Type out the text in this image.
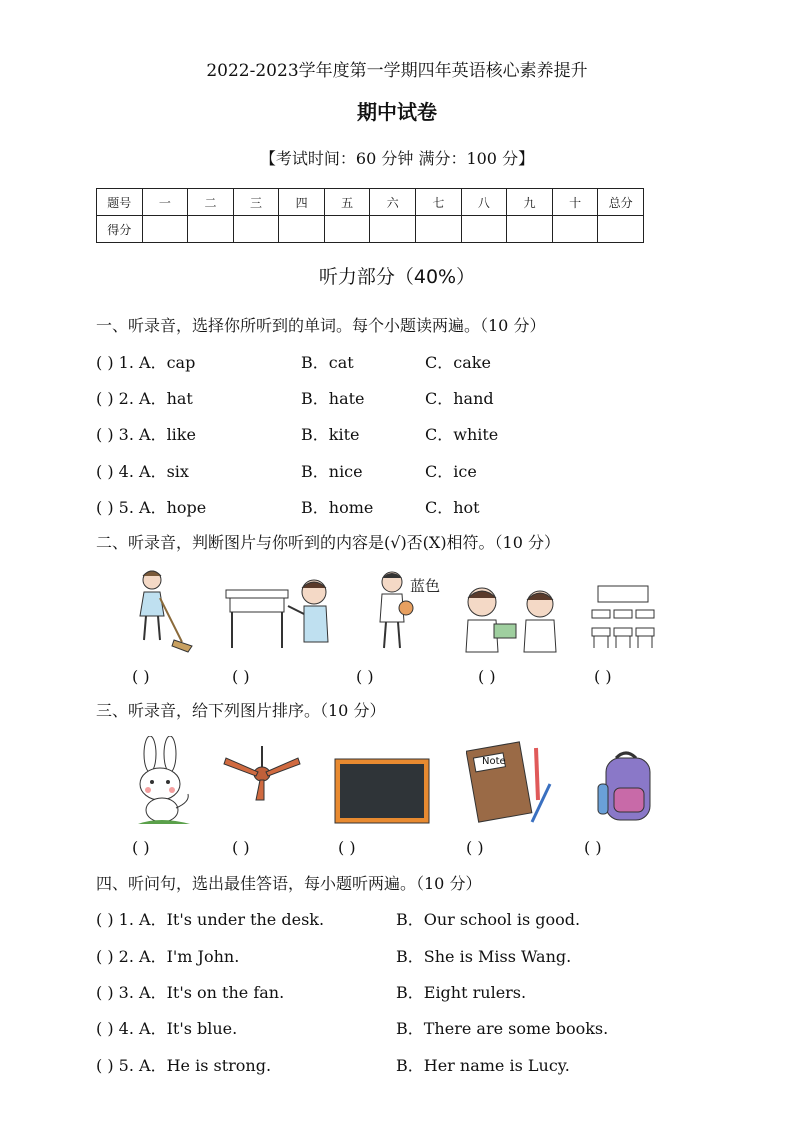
2022-2023学年度第一学期四年英语核心素养提升
期中试卷
【考试时间：60 分钟 满分：100 分】
题号	一	二	三	四	五	六	七	八	九	十	总分
得分											
听力部分（40%）
一、听录音，选择你所听到的单词。每个小题读两遍。（10 分）
( ) 1. A．cap	B．cat	C．cake
( ) 2. A．hat	B．hate	C．hand
( ) 3. A．like	B．kite	C．white
( ) 4. A．six	B．nice	C．ice
( ) 5. A．hope	B．home	C．hot
二、听录音，判断图片与你听到的内容是(√)否(X)相符。（10 分）
蓝色
( )	( )	( )	( )	( )
三、听录音，给下列图片排序。（10 分）
Note
( )	( )	( )	( )	( )
四、听问句，选出最佳答语，每小题听两遍。（10 分）
( ) 1. A．It's under the desk.	B．Our school is good.
( ) 2. A．I'm John.	B．She is Miss Wang.
( ) 3. A．It's on the fan.	B．Eight rulers.
( ) 4. A．It's blue.	B．There are some books.
( ) 5. A．He is strong.	B．Her name is Lucy.
